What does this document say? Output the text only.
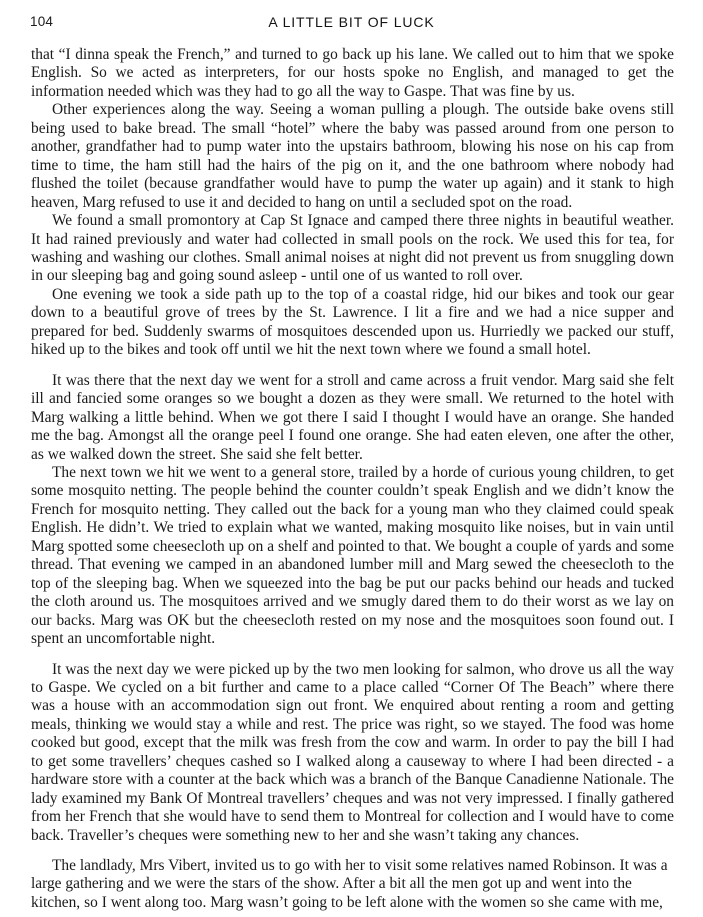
104	A LITTLE BIT OF LUCK

that “I dinna speak the French,” and turned to go back up his lane. We called out to him that we spoke English. So we acted as interpreters, for our hosts spoke no English, and managed to get the information needed which was they had to go all the way to Gaspe. That was fine by us.

Other experiences along the way. Seeing a woman pulling a plough. The outside bake ovens still being used to bake bread. The small “hotel” where the baby was passed around from one person to another, grandfather had to pump water into the upstairs bathroom, blowing his nose on his cap from time to time, the ham still had the hairs of the pig on it, and the one bathroom where nobody had flushed the toilet (because grandfather would have to pump the water up again) and it stank to high heaven, Marg refused to use it and decided to hang on until a secluded spot on the road.

We found a small promontory at Cap St Ignace and camped there three nights in beautiful weather. It had rained previously and water had collected in small pools on the rock. We used this for tea, for washing and washing our clothes. Small animal noises at night did not prevent us from snuggling down in our sleeping bag and going sound asleep - until one of us wanted to roll over.

One evening we took a side path up to the top of a coastal ridge, hid our bikes and took our gear down to a beautiful grove of trees by the St. Lawrence. I lit a fire and we had a nice supper and prepared for bed. Suddenly swarms of mosquitoes descended upon us. Hurriedly we packed our stuff, hiked up to the bikes and took off until we hit the next town where we found a small hotel.

It was there that the next day we went for a stroll and came across a fruit vendor. Marg said she felt ill and fancied some oranges so we bought a dozen as they were small. We returned to the hotel with Marg walking a little behind. When we got there I said I thought I would have an orange. She handed me the bag. Amongst all the orange peel I found one orange. She had eaten eleven, one after the other, as we walked down the street. She said she felt better.

The next town we hit we went to a general store, trailed by a horde of curious young children, to get some mosquito netting. The people behind the counter couldn’t speak English and we didn’t know the French for mosquito netting. They called out the back for a young man who they claimed could speak English. He didn’t. We tried to explain what we wanted, making mosquito like noises, but in vain until Marg spotted some cheesecloth up on a shelf and pointed to that. We bought a couple of yards and some thread. That evening we camped in an abandoned lumber mill and Marg sewed the cheesecloth to the top of the sleeping bag. When we squeezed into the bag be put our packs behind our heads and tucked the cloth around us. The mosquitoes arrived and we smugly dared them to do their worst as we lay on our backs. Marg was OK but the cheesecloth rested on my nose and the mosquitoes soon found out. I spent an uncomfortable night.

It was the next day we were picked up by the two men looking for salmon, who drove us all the way to Gaspe. We cycled on a bit further and came to a place called “Corner Of The Beach” where there was a house with an accommodation sign out front. We enquired about renting a room and getting meals, thinking we would stay a while and rest. The price was right, so we stayed. The food was home cooked but good, except that the milk was fresh from the cow and warm. In order to pay the bill I had to get some travellers’ cheques cashed so I walked along a causeway to where I had been directed - a hardware store with a counter at the back which was a branch of the Banque Canadienne Nationale. The lady examined my Bank Of Montreal travellers’ cheques and was not very impressed. I finally gathered from her French that she would have to send them to Montreal for collection and I would have to come back. Traveller’s cheques were something new to her and she wasn’t taking any chances.

The landlady, Mrs Vibert, invited us to go with her to visit some relatives named Robinson. It was a large gathering and we were the stars of the show. After a bit all the men got up and went into the kitchen, so I went along too. Marg wasn’t going to be left alone with the women so she came with me,
